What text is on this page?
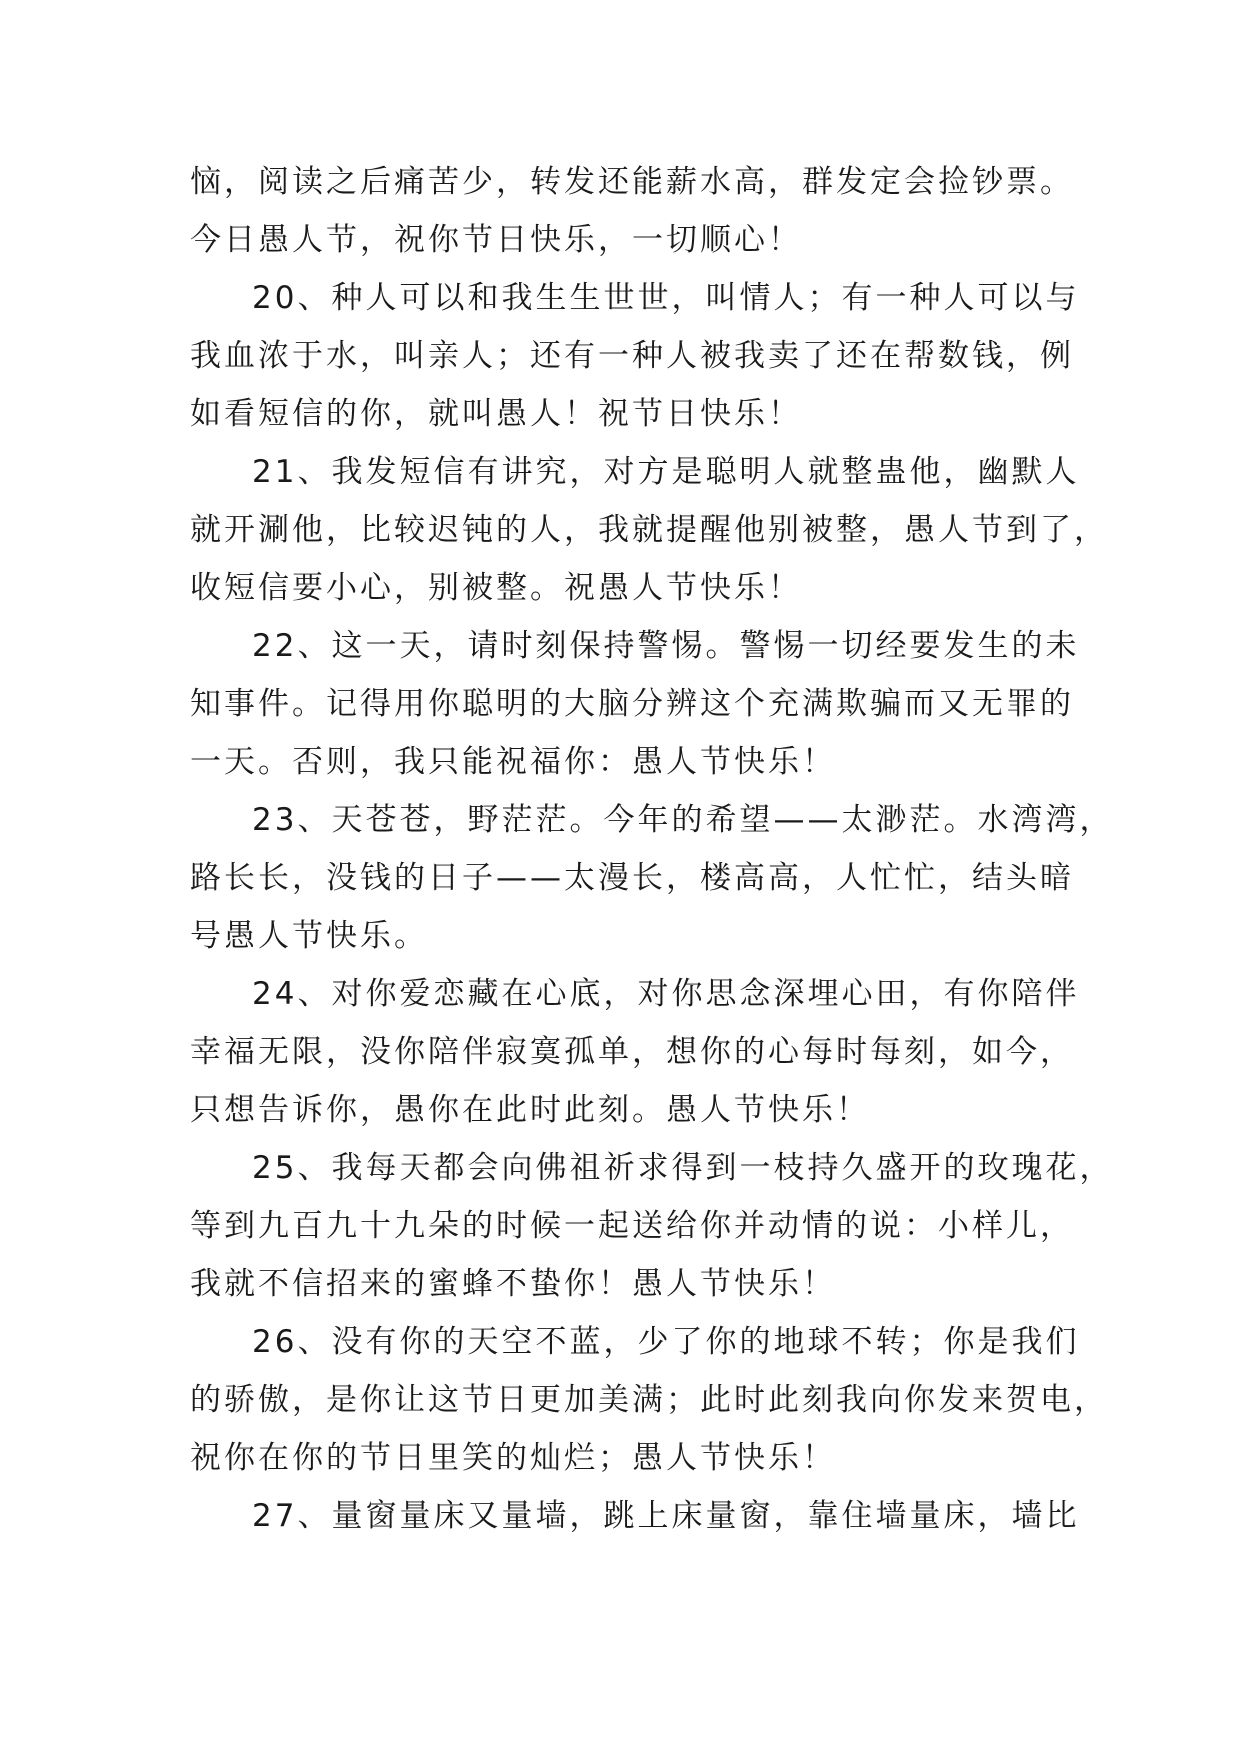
恼，阅读之后痛苦少，转发还能薪水高，群发定会捡钞票。
今日愚人节，祝你节日快乐，一切顺心！
20、种人可以和我生生世世，叫情人；有一种人可以与
我血浓于水，叫亲人；还有一种人被我卖了还在帮数钱，例
如看短信的你，就叫愚人！祝节日快乐！
21、我发短信有讲究，对方是聪明人就整蛊他，幽默人
就开涮他，比较迟钝的人，我就提醒他别被整，愚人节到了，
收短信要小心，别被整。祝愚人节快乐！
22、这一天，请时刻保持警惕。警惕一切经要发生的未
知事件。记得用你聪明的大脑分辨这个充满欺骗而又无罪的
一天。否则，我只能祝福你：愚人节快乐！
23、天苍苍，野茫茫。今年的希望——太渺茫。水湾湾，
路长长，没钱的日子——太漫长，楼高高，人忙忙，结头暗
号愚人节快乐。
24、对你爱恋藏在心底，对你思念深埋心田，有你陪伴
幸福无限，没你陪伴寂寞孤单，想你的心每时每刻，如今，
只想告诉你，愚你在此时此刻。愚人节快乐！
25、我每天都会向佛祖祈求得到一枝持久盛开的玫瑰花，
等到九百九十九朵的时候一起送给你并动情的说：小样儿，
我就不信招来的蜜蜂不蛰你！愚人节快乐！
26、没有你的天空不蓝，少了你的地球不转；你是我们
的骄傲，是你让这节日更加美满；此时此刻我向你发来贺电，
祝你在你的节日里笑的灿烂；愚人节快乐！
27、量窗量床又量墙，跳上床量窗，靠住墙量床，墙比
